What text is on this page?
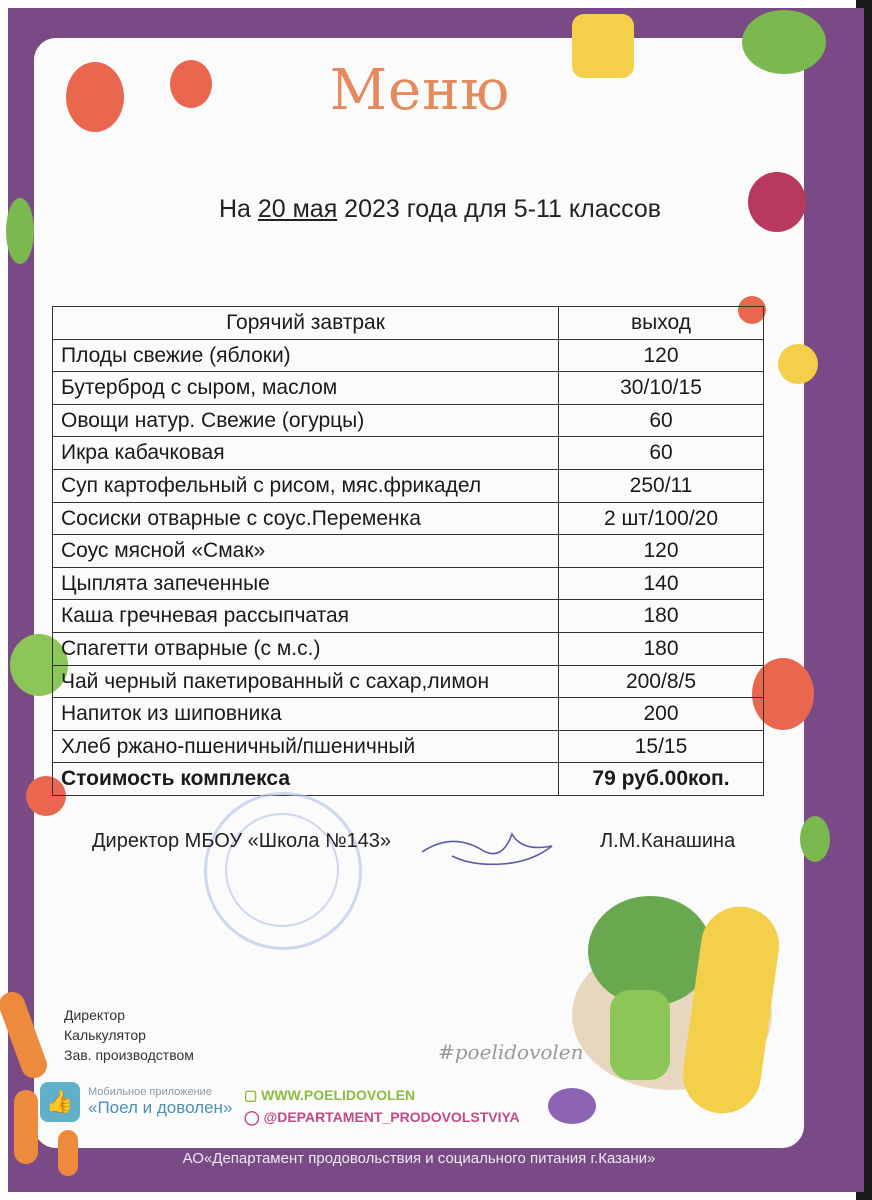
Меню
На 20 мая 2023 года для 5-11 классов
Горячий завтрак	выход
Плоды свежие (яблоки)	120
Бутерброд с сыром, маслом	30/10/15
Овощи натур. Свежие (огурцы)	60
Икра кабачковая	60
Суп картофельный с рисом, мяс.фрикадел	250/11
Сосиски отварные с соус.Переменка	2 шт/100/20
Соус мясной «Смак»	120
Цыплята запеченные	140
Каша гречневая рассыпчатая	180
Спагетти отварные (с м.с.)	180
Чай черный пакетированный с сахар,лимон	200/8/5
Напиток из шиповника	200
Хлеб ржано-пшеничный/пшеничный	15/15
Стоимость комплекса	79 руб.00коп.
Директор МБОУ «Школа №143»	Л.М.Канашина
Директор
Калькулятор
Зав. производством	#poelidovolen
👍	Мобильное приложение
«Поел и доволен»
▢ WWW.POELIDOVOLEN
◯ @DEPARTAMENT_PRODOVOLSTVIYA
АО«Департамент продовольствия и социального питания г.Казани»
